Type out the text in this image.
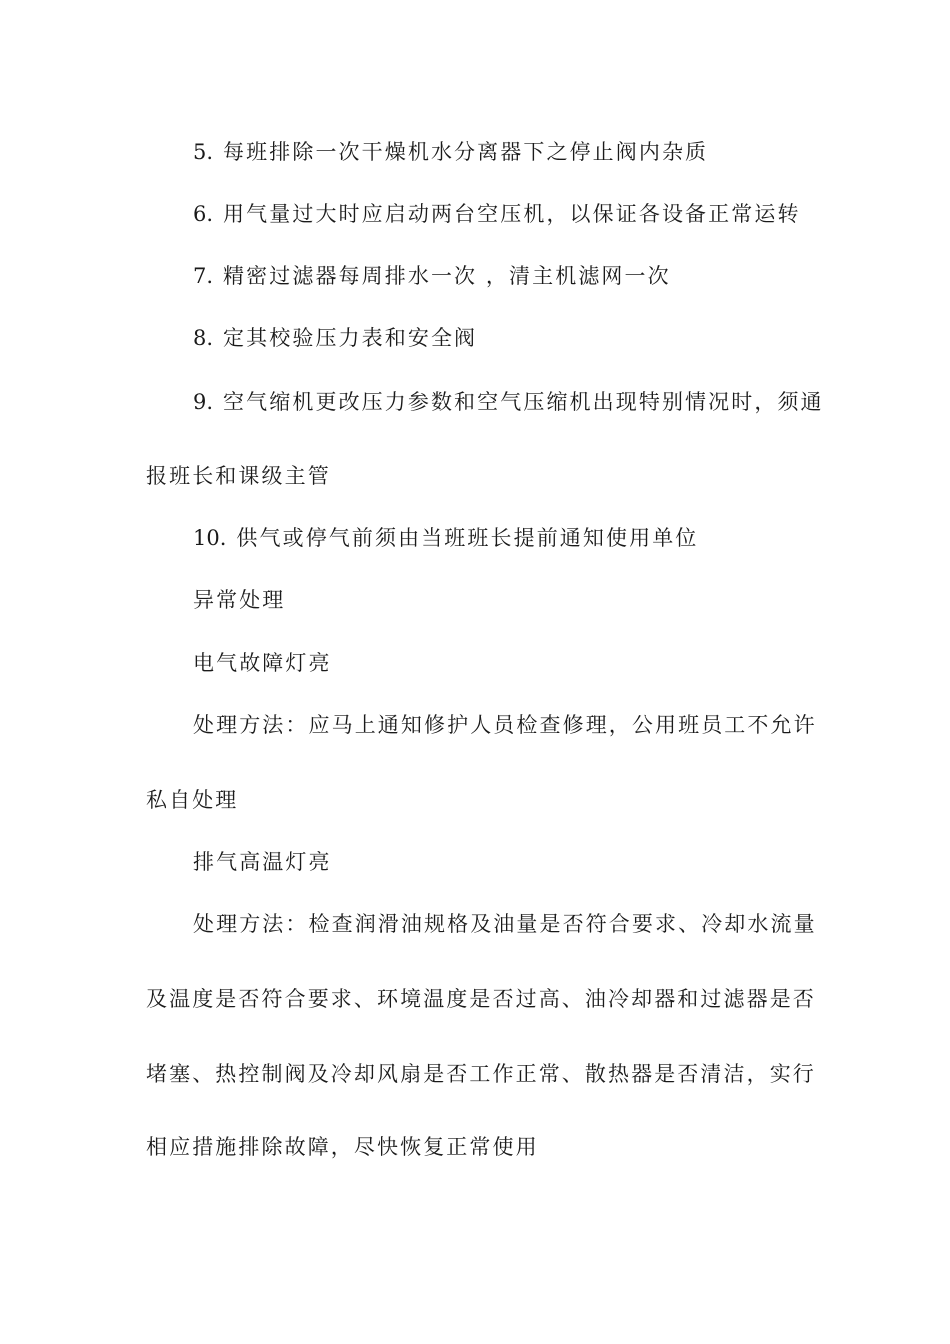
5. 每班排除一次干燥机水分离器下之停止阀内杂质
6. 用气量过大时应启动两台空压机，以保证各设备正常运转
7. 精密过滤器每周排水一次 ，清主机滤网一次
8. 定其校验压力表和安全阀
9. 空气缩机更改压力参数和空气压缩机出现特别情况时，须通
报班长和课级主管
10. 供气或停气前须由当班班长提前通知使用单位
异常处理
电气故障灯亮
处理方法：应马上通知修护人员检查修理，公用班员工不允许
私自处理
排气高温灯亮
处理方法：检查润滑油规格及油量是否符合要求、冷却水流量
及温度是否符合要求、环境温度是否过高、油冷却器和过滤器是否
堵塞、热控制阀及冷却风扇是否工作正常、散热器是否清洁，实行
相应措施排除故障，尽快恢复正常使用
